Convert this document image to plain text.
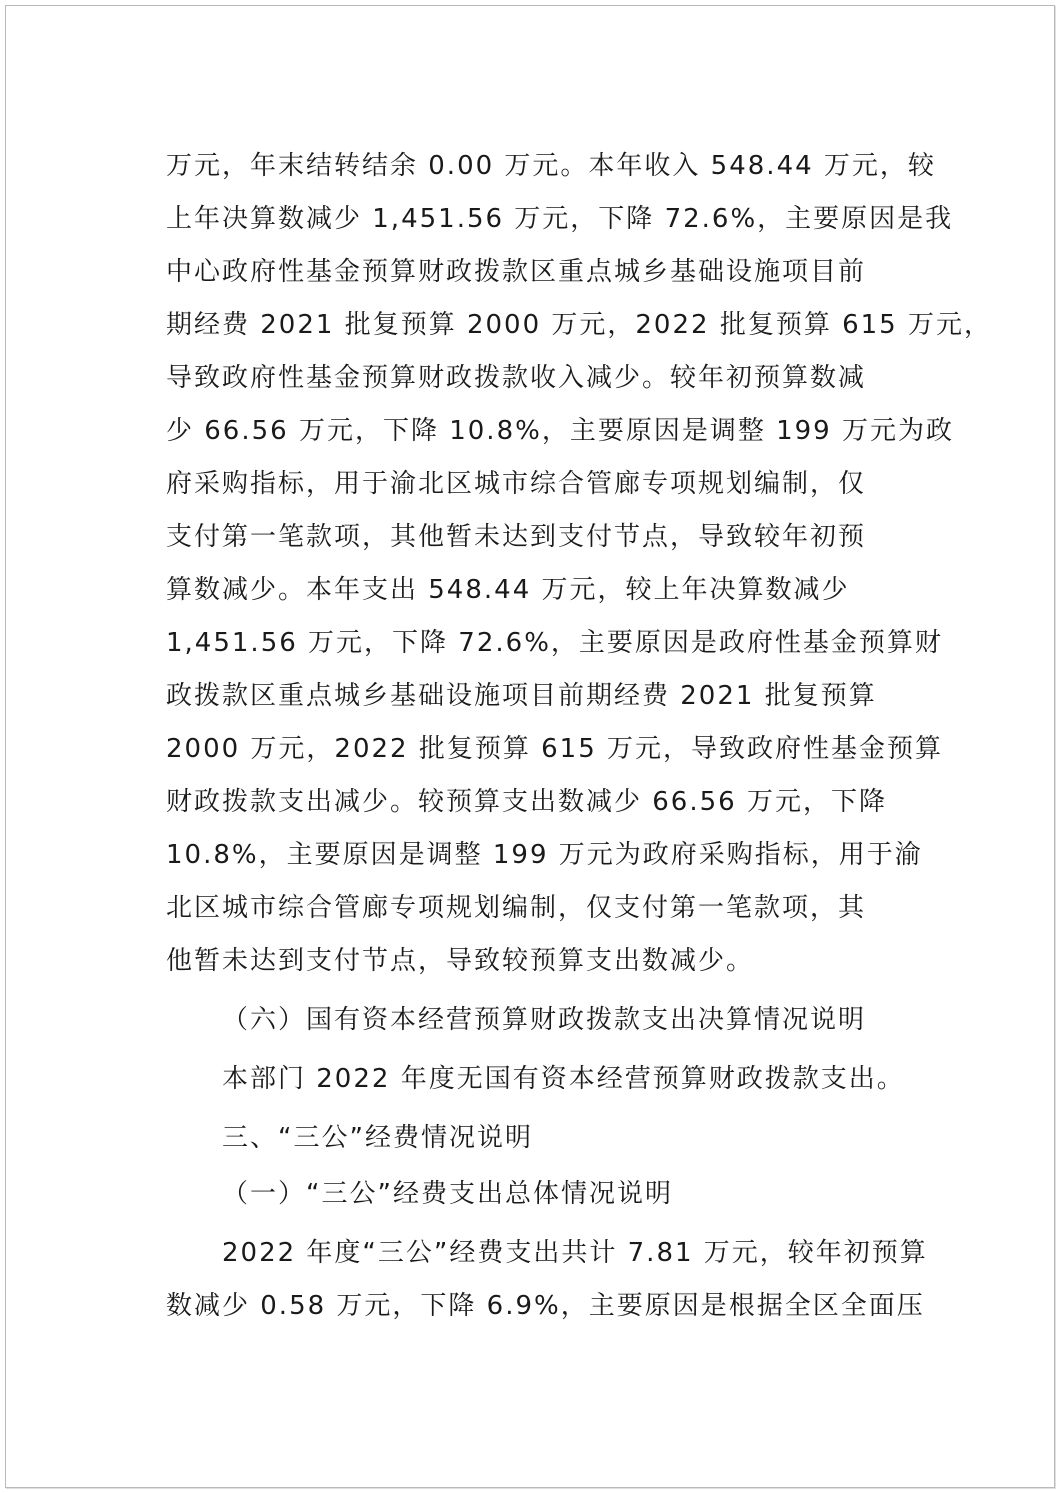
万元，年末结转结余 0.00 万元。本年收入 548.44 万元，较
上年决算数减少 1,451.56 万元，下降 72.6%，主要原因是我
中心政府性基金预算财政拨款区重点城乡基础设施项目前
期经费 2021 批复预算 2000 万元，2022 批复预算 615 万元，
导致政府性基金预算财政拨款收入减少。较年初预算数减
少 66.56 万元，下降 10.8%，主要原因是调整 199 万元为政
府采购指标，用于渝北区城市综合管廊专项规划编制，仅
支付第一笔款项，其他暂未达到支付节点，导致较年初预
算数减少。本年支出 548.44 万元，较上年决算数减少
1,451.56 万元，下降 72.6%，主要原因是政府性基金预算财
政拨款区重点城乡基础设施项目前期经费 2021 批复预算
2000 万元，2022 批复预算 615 万元，导致政府性基金预算
财政拨款支出减少。较预算支出数减少 66.56 万元，下降
10.8%，主要原因是调整 199 万元为政府采购指标，用于渝
北区城市综合管廊专项规划编制，仅支付第一笔款项，其
他暂未达到支付节点，导致较预算支出数减少。
（六）国有资本经营预算财政拨款支出决算情况说明
本部门 2022 年度无国有资本经营预算财政拨款支出。
三、“三公”经费情况说明
（一）“三公”经费支出总体情况说明
2022 年度“三公”经费支出共计 7.81 万元，较年初预算
数减少 0.58 万元，下降 6.9%，主要原因是根据全区全面压
